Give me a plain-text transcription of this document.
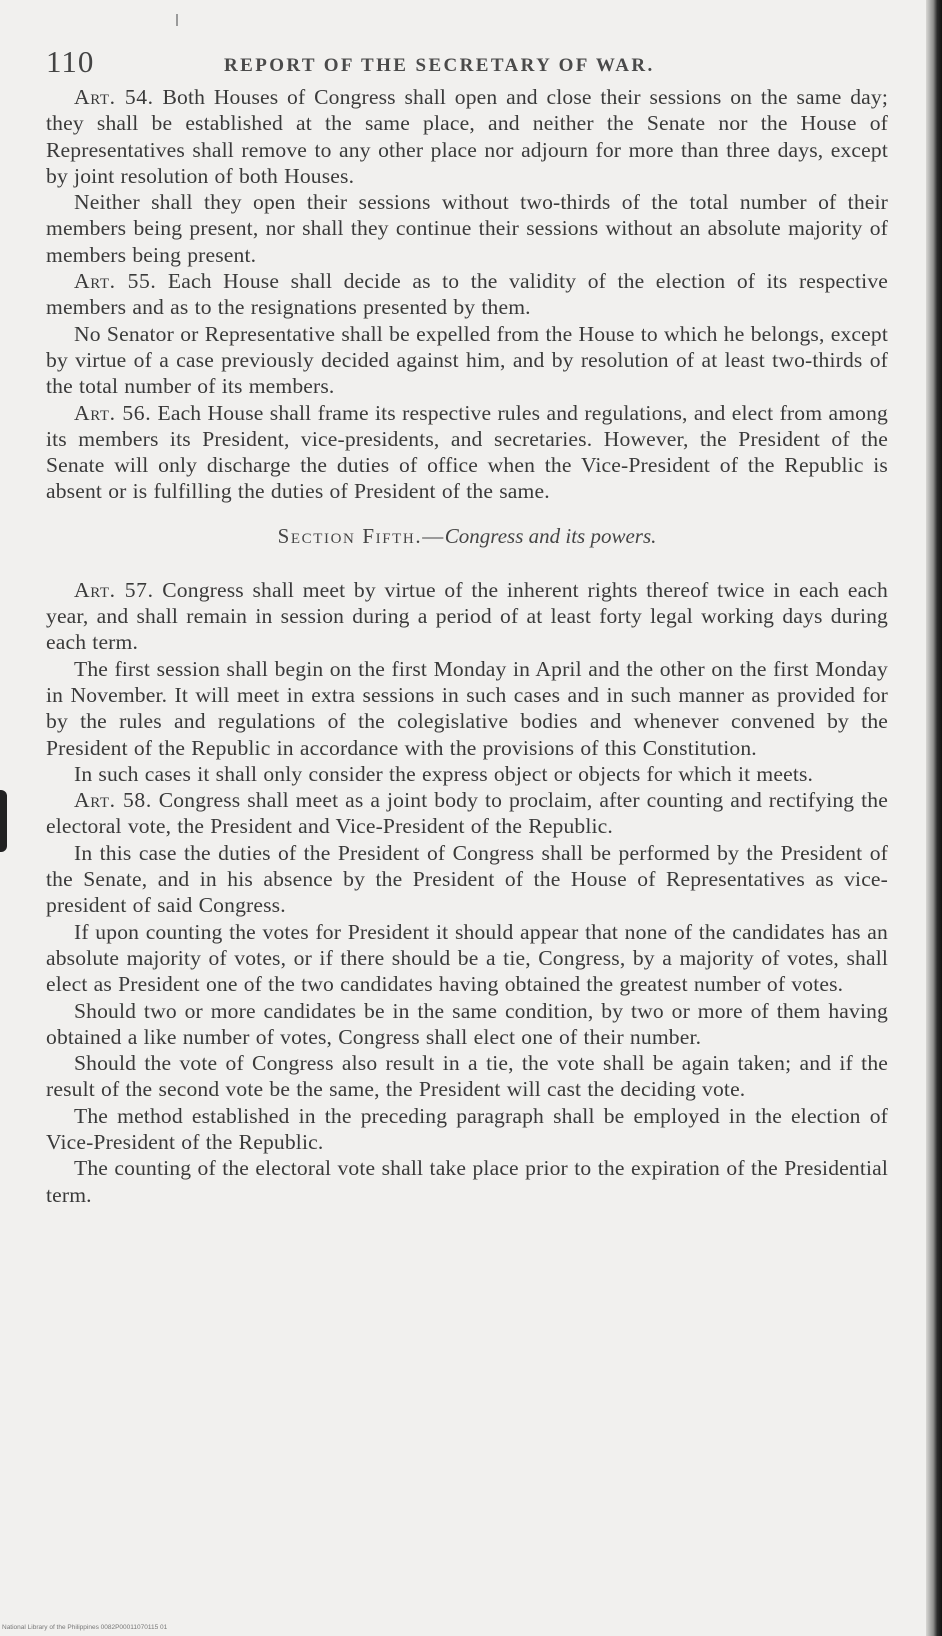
110	REPORT OF THE SECRETARY OF WAR.

Art. 54. Both Houses of Congress shall open and close their sessions on the same day; they shall be established at the same place, and neither the Senate nor the House of Representatives shall remove to any other place nor adjourn for more than three days, except by joint resolution of both Houses.

Neither shall they open their sessions without two-thirds of the total number of their members being present, nor shall they continue their sessions without an absolute majority of members being present.

Art. 55. Each House shall decide as to the validity of the election of its respective members and as to the resignations presented by them.

No Senator or Representative shall be expelled from the House to which he belongs, except by virtue of a case previously decided against him, and by resolution of at least two-thirds of the total number of its members.

Art. 56. Each House shall frame its respective rules and regulations, and elect from among its members its President, vice-presidents, and secretaries. However, the President of the Senate will only discharge the duties of office when the Vice-President of the Republic is absent or is fulfilling the duties of President of the same.

Section Fifth.—Congress and its powers.

Art. 57. Congress shall meet by virtue of the inherent rights thereof twice in each each year, and shall remain in session during a period of at least forty legal working days during each term.

The first session shall begin on the first Monday in April and the other on the first Monday in November. It will meet in extra sessions in such cases and in such manner as provided for by the rules and regulations of the colegislative bodies and whenever convened by the President of the Republic in accordance with the provisions of this Constitution.

In such cases it shall only consider the express object or objects for which it meets.

Art. 58. Congress shall meet as a joint body to proclaim, after counting and rectifying the electoral vote, the President and Vice-President of the Republic.

In this case the duties of the President of Congress shall be performed by the President of the Senate, and in his absence by the President of the House of Representatives as vice-president of said Congress.

If upon counting the votes for President it should appear that none of the candidates has an absolute majority of votes, or if there should be a tie, Congress, by a majority of votes, shall elect as President one of the two candidates having obtained the greatest number of votes.

Should two or more candidates be in the same condition, by two or more of them having obtained a like number of votes, Congress shall elect one of their number.

Should the vote of Congress also result in a tie, the vote shall be again taken; and if the result of the second vote be the same, the President will cast the deciding vote.

The method established in the preceding paragraph shall be employed in the election of Vice-President of the Republic.

The counting of the electoral vote shall take place prior to the expiration of the Presidential term.

National Library of the Philippines 0082P00011070115 01
